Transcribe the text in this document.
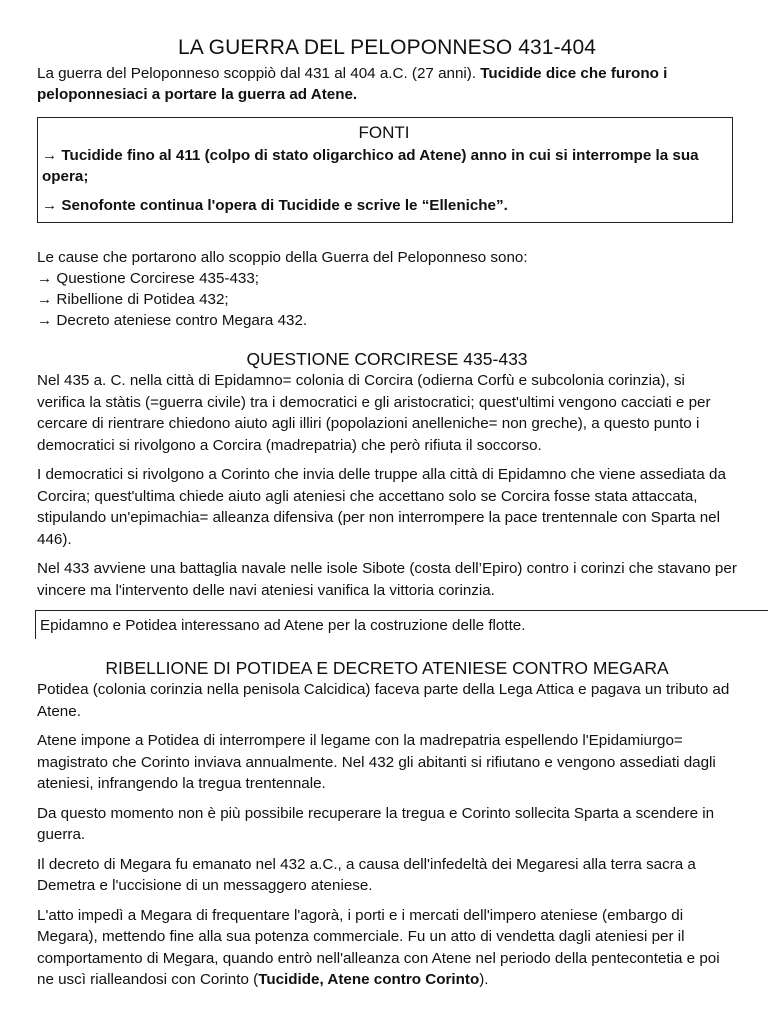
LA GUERRA DEL PELOPONNESO 431-404

La guerra del Peloponneso scoppiò dal 431 al 404 a.C. (27 anni). Tucidide dice che furono i peloponnesiaci a portare la guerra ad Atene.

FONTI

→ Tucidide fino al 411 (colpo di stato oligarchico ad Atene) anno in cui si interrompe la sua opera;

→ Senofonte continua l'opera di Tucidide e scrive le “Elleniche”.

Le cause che portarono allo scoppio della Guerra del Peloponneso sono:
→ Questione Corcirese 435-433;
→ Ribellione di Potidea 432;
→ Decreto ateniese contro Megara 432.
QUESTIONE CORCIRESE 435-433

Nel 435 a. C. nella città di Epidamno= colonia di Corcira (odierna Corfù e subcolonia corinzia), si verifica la stàtis (=guerra civile) tra i democratici e gli aristocratici; quest'ultimi vengono cacciati e per cercare di rientrare chiedono aiuto agli illiri (popolazioni anelleniche= non greche), a questo punto i democratici si rivolgono a Corcira (madrepatria) che però rifiuta il soccorso.

I democratici si rivolgono a Corinto che invia delle truppe alla città di Epidamno che viene assediata da Corcira; quest'ultima chiede aiuto agli ateniesi che accettano solo se Corcira fosse stata attaccata, stipulando un'epimachia= alleanza difensiva (per non interrompere la pace trentennale con Sparta nel 446).

Nel 433 avviene una battaglia navale nelle isole Sibote (costa dell’Epiro) contro i corinzi che stavano per vincere ma l'intervento delle navi ateniesi vanifica la vittoria corinzia.

Epidamno e Potidea interessano ad Atene per la costruzione delle flotte.
RIBELLIONE DI POTIDEA E DECRETO ATENIESE CONTRO MEGARA

Potidea (colonia corinzia nella penisola Calcidica) faceva parte della Lega Attica e pagava un tributo ad Atene.

Atene impone a Potidea di interrompere il legame con la madrepatria espellendo l'Epidamiurgo= magistrato che Corinto inviava annualmente. Nel 432 gli abitanti si rifiutano e vengono assediati dagli ateniesi, infrangendo la tregua trentennale.

Da questo momento non è più possibile recuperare la tregua e Corinto sollecita Sparta a scendere in guerra.

Il decreto di Megara fu emanato nel 432 a.C., a causa dell'infedeltà dei Megaresi alla terra sacra a Demetra e l'uccisione di un messaggero ateniese.

L'atto impedì a Megara di frequentare l'agorà, i porti e i mercati dell'impero ateniese (embargo di Megara), mettendo fine alla sua potenza commerciale. Fu un atto di vendetta dagli ateniesi per il comportamento di Megara, quando entrò nell'alleanza con Atene nel periodo della pentecontetia e poi ne uscì rialleandosi con Corinto (Tucidide, Atene contro Corinto).
